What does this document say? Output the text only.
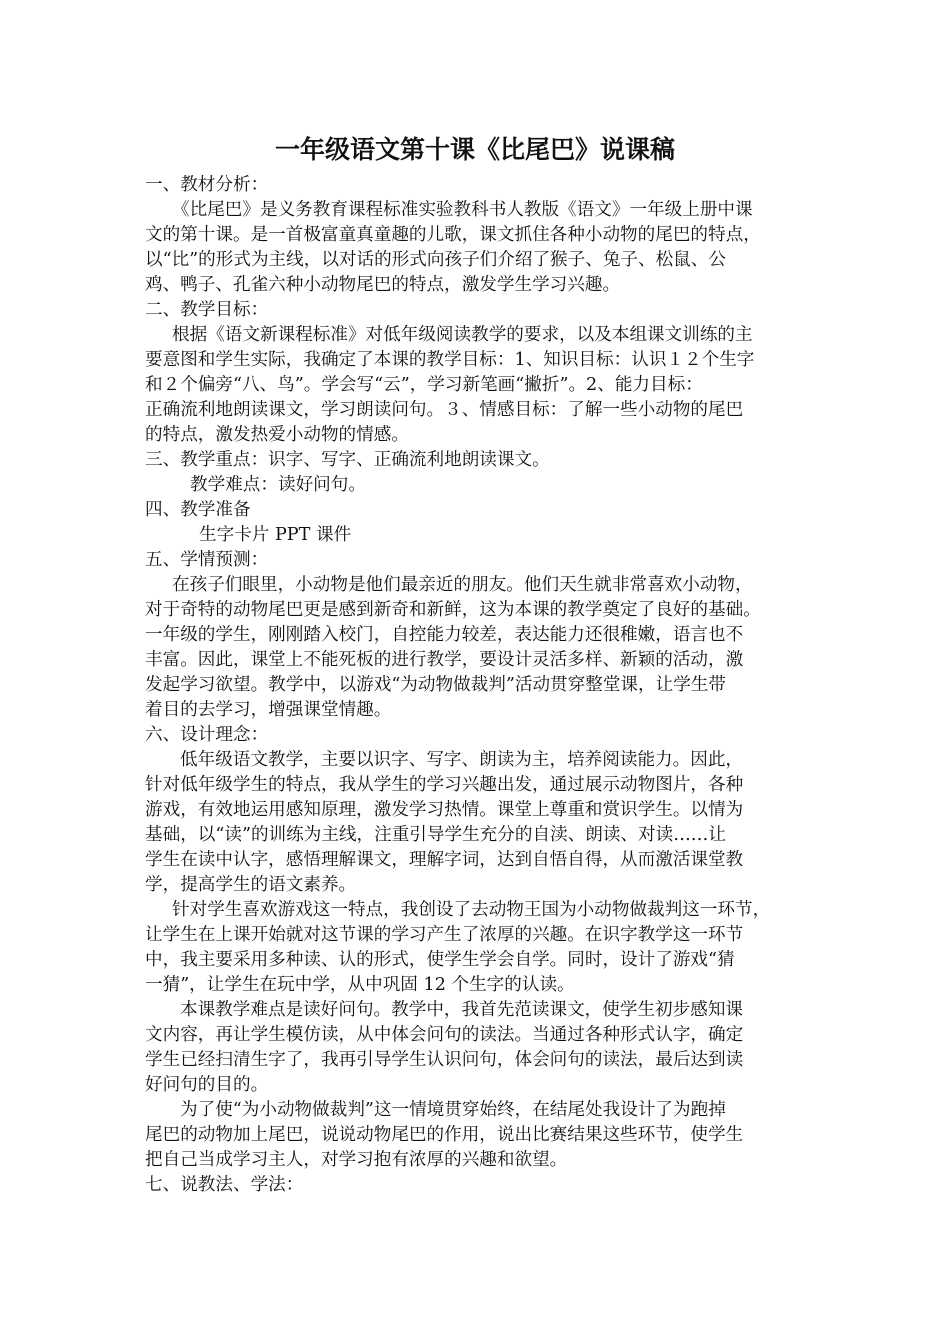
一年级语文第十课《比尾巴》说课稿
一、教材分析：
《比尾巴》是义务教育课程标准实验教科书人教版《语文》一年级上册中课
文的第十课。是一首极富童真童趣的儿歌，课文抓住各种小动物的尾巴的特点，
以“比”的形式为主线，以对话的形式向孩子们介绍了猴子、兔子、松鼠、公
鸡、鸭子、孔雀六种小动物尾巴的特点，激发学生学习兴趣。
二、教学目标：
根据《语文新课程标准》对低年级阅读教学的要求，以及本组课文训练的主
要意图和学生实际，我确定了本课的教学目标：1、知识目标：认识１２个生字
和２个偏旁“八、鸟”。学会写“云”，学习新笔画“撇折”。2、能力目标：
正确流利地朗读课文，学习朗读问句。３、情感目标：了解一些小动物的尾巴
的特点，激发热爱小动物的情感。
三、教学重点：识字、写字、正确流利地朗读课文。
教学难点：读好问句。
四、教学准备
生字卡片 PPT 课件
五、学情预测：
在孩子们眼里，小动物是他们最亲近的朋友。他们天生就非常喜欢小动物，
对于奇特的动物尾巴更是感到新奇和新鲜，这为本课的教学奠定了良好的基础。
一年级的学生，刚刚踏入校门，自控能力较差，表达能力还很稚嫩，语言也不
丰富。因此，课堂上不能死板的进行教学，要设计灵活多样、新颖的活动，激
发起学习欲望。教学中，以游戏“为动物做裁判”活动贯穿整堂课，让学生带
着目的去学习，增强课堂情趣。
六、设计理念：
低年级语文教学，主要以识字、写字、朗读为主，培养阅读能力。因此，
针对低年级学生的特点，我从学生的学习兴趣出发，通过展示动物图片，各种
游戏，有效地运用感知原理，激发学习热情。课堂上尊重和赏识学生。以情为
基础，以“读”的训练为主线，注重引导学生充分的自渎、朗读、对读……让
学生在读中认字，感悟理解课文，理解字词，达到自悟自得，从而激活课堂教
学，提高学生的语文素养。
针对学生喜欢游戏这一特点，我创设了去动物王国为小动物做裁判这一环节，
让学生在上课开始就对这节课的学习产生了浓厚的兴趣。在识字教学这一环节
中，我主要采用多种读、认的形式，使学生学会自学。同时，设计了游戏“猜
一猜”，让学生在玩中学，从中巩固 12 个生字的认读。
本课教学难点是读好问句。教学中，我首先范读课文，使学生初步感知课
文内容，再让学生模仿读，从中体会问句的读法。当通过各种形式认字，确定
学生已经扫清生字了，我再引导学生认识问句，体会问句的读法，最后达到读
好问句的目的。
为了使“为小动物做裁判”这一情境贯穿始终，在结尾处我设计了为跑掉
尾巴的动物加上尾巴，说说动物尾巴的作用，说出比赛结果这些环节，使学生
把自己当成学习主人，对学习抱有浓厚的兴趣和欲望。
七、说教法、学法：
